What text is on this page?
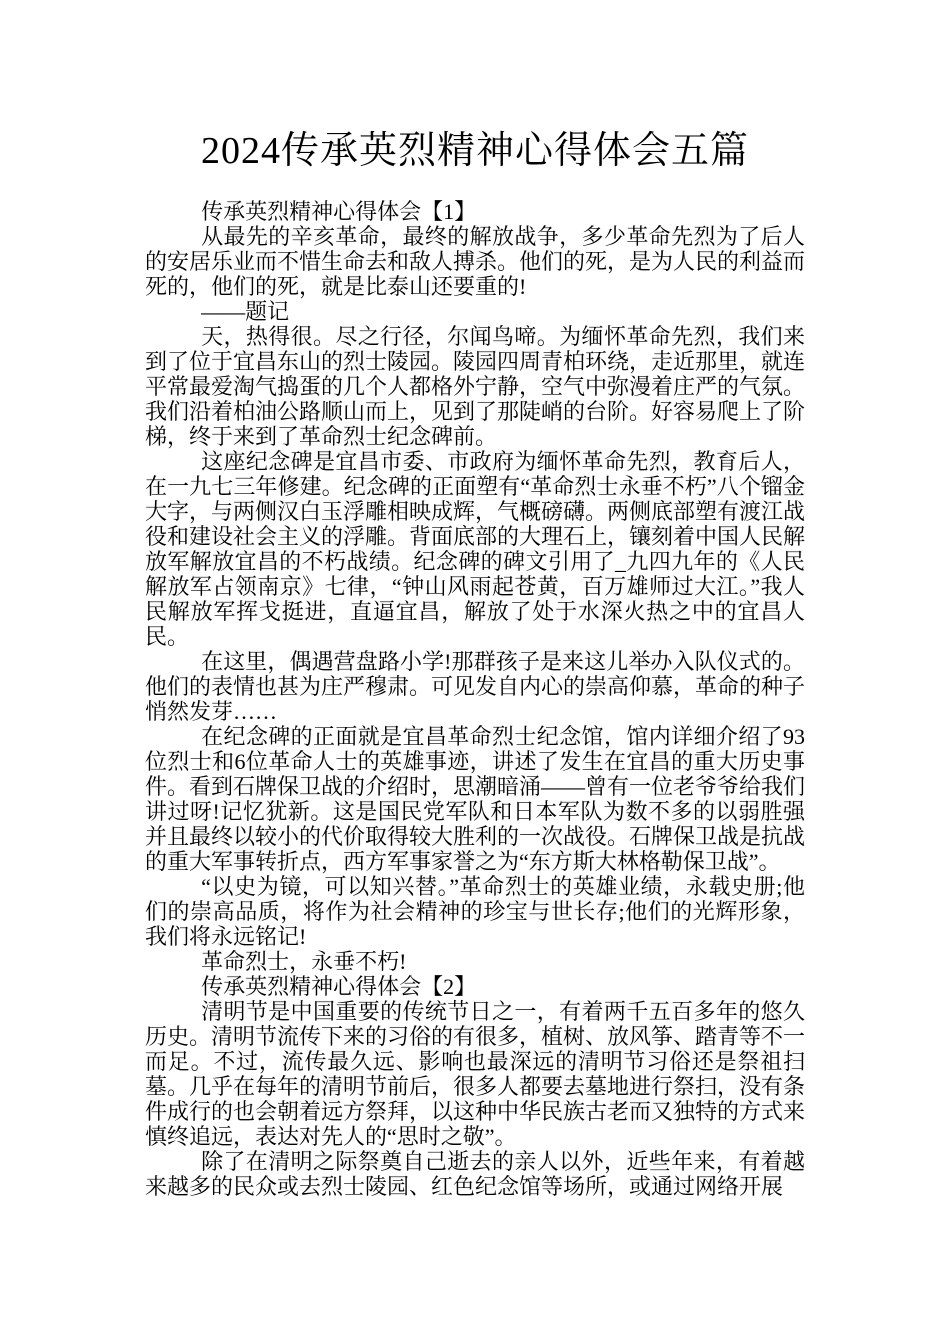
2024传承英烈精神心得体会五篇

传承英烈精神心得体会【1】

从最先的辛亥革命，最终的解放战争，多少革命先烈为了后人的安居乐业而不惜生命去和敌人搏杀。他们的死，是为人民的利益而死的，他们的死，就是比泰山还要重的!

——题记

天，热得很。尽之行径，尔闻鸟啼。为缅怀革命先烈，我们来到了位于宜昌东山的烈士陵园。陵园四周青柏环绕，走近那里，就连平常最爱淘气捣蛋的几个人都格外宁静，空气中弥漫着庄严的气氛。我们沿着柏油公路顺山而上，见到了那陡峭的台阶。好容易爬上了阶梯，终于来到了革命烈士纪念碑前。

这座纪念碑是宜昌市委、市政府为缅怀革命先烈，教育后人，在一九七三年修建。纪念碑的正面塑有“革命烈士永垂不朽”八个镏金大字，与两侧汉白玉浮雕相映成辉，气概磅礴。两侧底部塑有渡江战役和建设社会主义的浮雕。背面底部的大理石上，镶刻着中国人民解放军解放宜昌的不朽战绩。纪念碑的碑文引用了_九四九年的《人民解放军占领南京》七律，“钟山风雨起苍黄，百万雄师过大江。”我人民解放军挥戈挺进，直逼宜昌，解放了处于水深火热之中的宜昌人民。

在这里，偶遇营盘路小学!那群孩子是来这儿举办入队仪式的。他们的表情也甚为庄严穆肃。可见发自内心的崇高仰慕，革命的种子悄然发芽……

在纪念碑的正面就是宜昌革命烈士纪念馆，馆内详细介绍了93位烈士和6位革命人士的英雄事迹，讲述了发生在宜昌的重大历史事件。看到石牌保卫战的介绍时，思潮暗涌——曾有一位老爷爷给我们讲过呀!记忆犹新。这是国民党军队和日本军队为数不多的以弱胜强并且最终以较小的代价取得较大胜利的一次战役。石牌保卫战是抗战的重大军事转折点，西方军事家誉之为“东方斯大林格勒保卫战”。

“以史为镜，可以知兴替。”革命烈士的英雄业绩，永载史册;他们的崇高品质，将作为社会精神的珍宝与世长存;他们的光辉形象，我们将永远铭记!

革命烈士，永垂不朽!

传承英烈精神心得体会【2】

清明节是中国重要的传统节日之一，有着两千五百多年的悠久历史。清明节流传下来的习俗的有很多，植树、放风筝、踏青等不一而足。不过，流传最久远、影响也最深远的清明节习俗还是祭祖扫墓。几乎在每年的清明节前后，很多人都要去墓地进行祭扫，没有条件成行的也会朝着远方祭拜，以这种中华民族古老而又独特的方式来慎终追远，表达对先人的“思时之敬”。

除了在清明之际祭奠自己逝去的亲人以外，近些年来，有着越来越多的民众或去烈士陵园、红色纪念馆等场所，或通过网络开展
